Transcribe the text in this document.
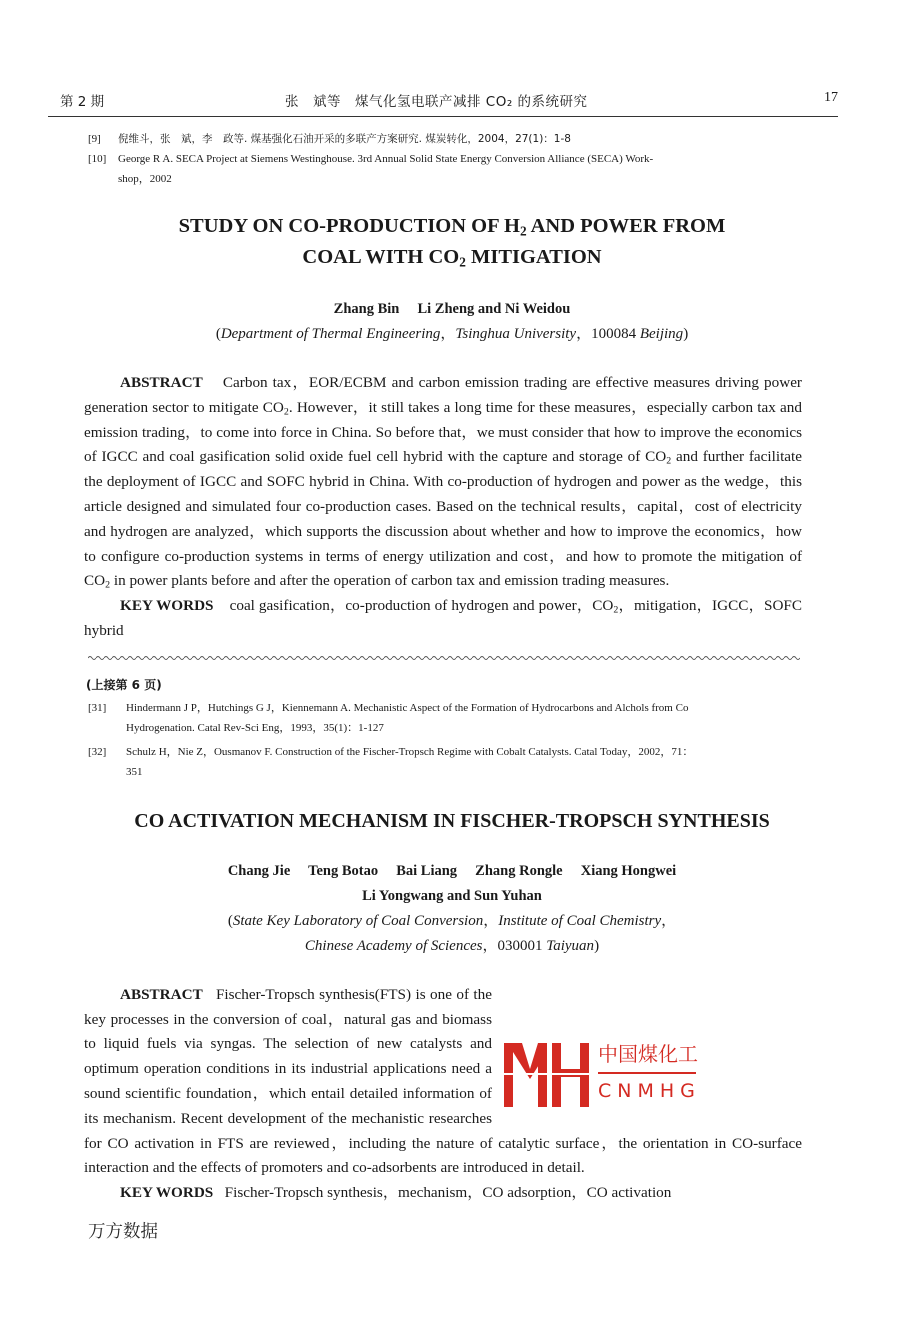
第 2 期	张　斌等　煤气化氢电联产减排 CO₂ 的系统研究	17
[9]	倪维斗，张　斌，李　政等. 煤基强化石油开采的多联产方案研究. 煤炭转化，2004，27(1)：1-8
[10]	George R A. SECA Project at Siemens Westinghouse. 3rd Annual Solid State Energy Conversion Alliance (SECA) Work-
shop，2002
STUDY ON CO-PRODUCTION OF $H_2$ AND POWER FROM
COAL WITH $CO_2$ MITIGATION
Zhang Bin　 Li Zheng and Ni Weidou
(Department of Thermal Engineering，Tsinghua University，100084 Beijing)
ABSTRACT Carbon tax，EOR/ECBM and carbon emission trading are effective measures driving power generation sector to mitigate $CO_2$. However，it still takes a long time for these measures，especially carbon tax and emission trading，to come into force in China. So before that，we must consider that how to improve the economics of IGCC and coal gasification solid oxide fuel cell hybrid with the capture and storage of $CO_2$ and further facilitate the deployment of IGCC and SOFC hybrid in China. With co-production of hydrogen and power as the wedge，this article designed and simulated four co-production cases. Based on the technical results，capital，cost of electricity and hydrogen are analyzed，which supports the discussion about whether and how to improve the economics，how to configure co-production systems in terms of energy utilization and cost，and how to promote the mitigation of $CO_2$ in power plants before and after the operation of carbon tax and emission trading measures.
KEY WORDS coal gasification，co-production of hydrogen and power，$CO_2$，mitigation，IGCC，SOFC hybrid
(上接第 6 页)
[31]	Hindermann J P，Hutchings G J，Kiennemann A. Mechanistic Aspect of the Formation of Hydrocarbons and Alchols from Co
Hydrogenation. Catal Rev-Sci Eng，1993，35(1)：1-127
[32]	Schulz H，Nie Z，Ousmanov F. Construction of the Fischer-Tropsch Regime with Cobalt Catalysts. Catal Today，2002，71：
351
CO ACTIVATION MECHANISM IN FISCHER-TROPSCH SYNTHESIS
Chang Jie　 Teng Botao　 Bai Liang　 Zhang Rongle　 Xiang Hongwei
Li Yongwang and Sun Yuhan
(State Key Laboratory of Coal Conversion，Institute of Coal Chemistry，
Chinese Academy of Sciences，030001 Taiyuan)
中国煤化工
CNMHG
ABSTRACT Fischer-Tropsch synthesis(FTS) is one of the key processes in the conversion of coal，natural gas and biomass to liquid fuels via syngas. The selection of new catalysts and optimum operation conditions in its industrial applications need a sound scientific foundation，which entail detailed information of its mechanism. Recent development of the mechanistic researches for CO activation in FTS are reviewed，including the nature of catalytic surface，the orientation in CO-surface interaction and the effects of promoters and co-adsorbents are introduced in detail.
KEY WORDS Fischer-Tropsch synthesis，mechanism，CO adsorption，CO activation
万方数据
